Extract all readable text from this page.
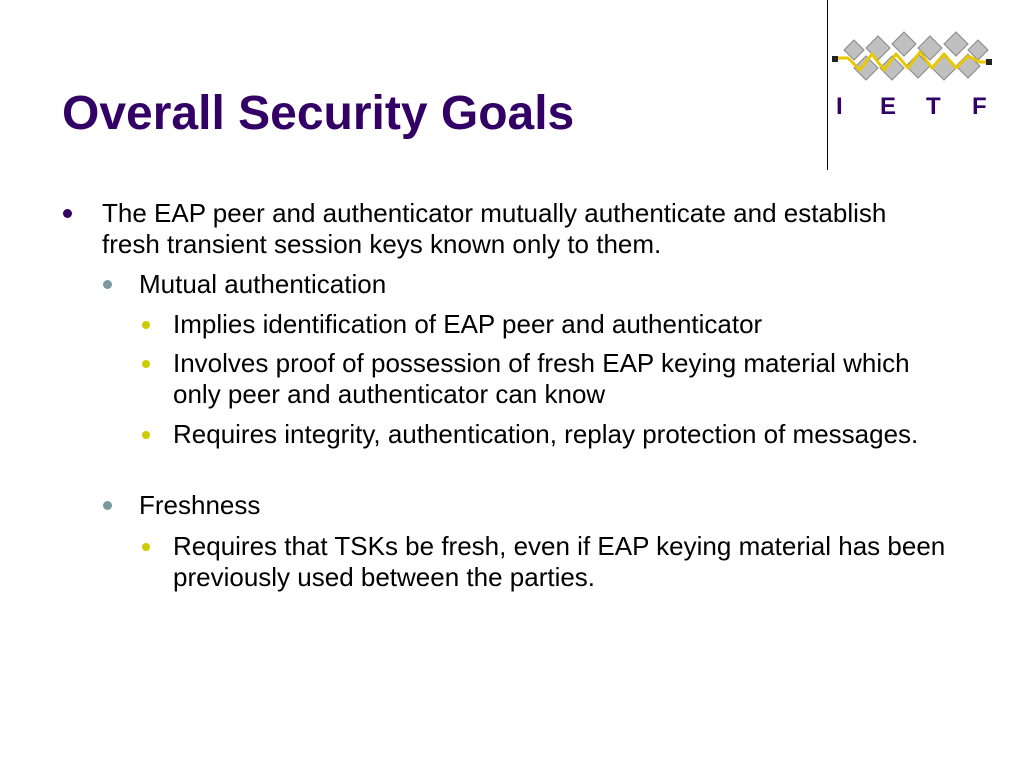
Overall Security Goals	I E T F
The EAP peer and authenticator mutually authenticate and establish fresh transient session keys known only to them.
Mutual authentication
Implies identification of EAP peer and authenticator
Involves proof of possession of fresh EAP keying material which only peer and authenticator can know
Requires integrity, authentication, replay protection of messages.
Freshness
Requires that TSKs be fresh, even if EAP keying material has been previously used between the parties.
